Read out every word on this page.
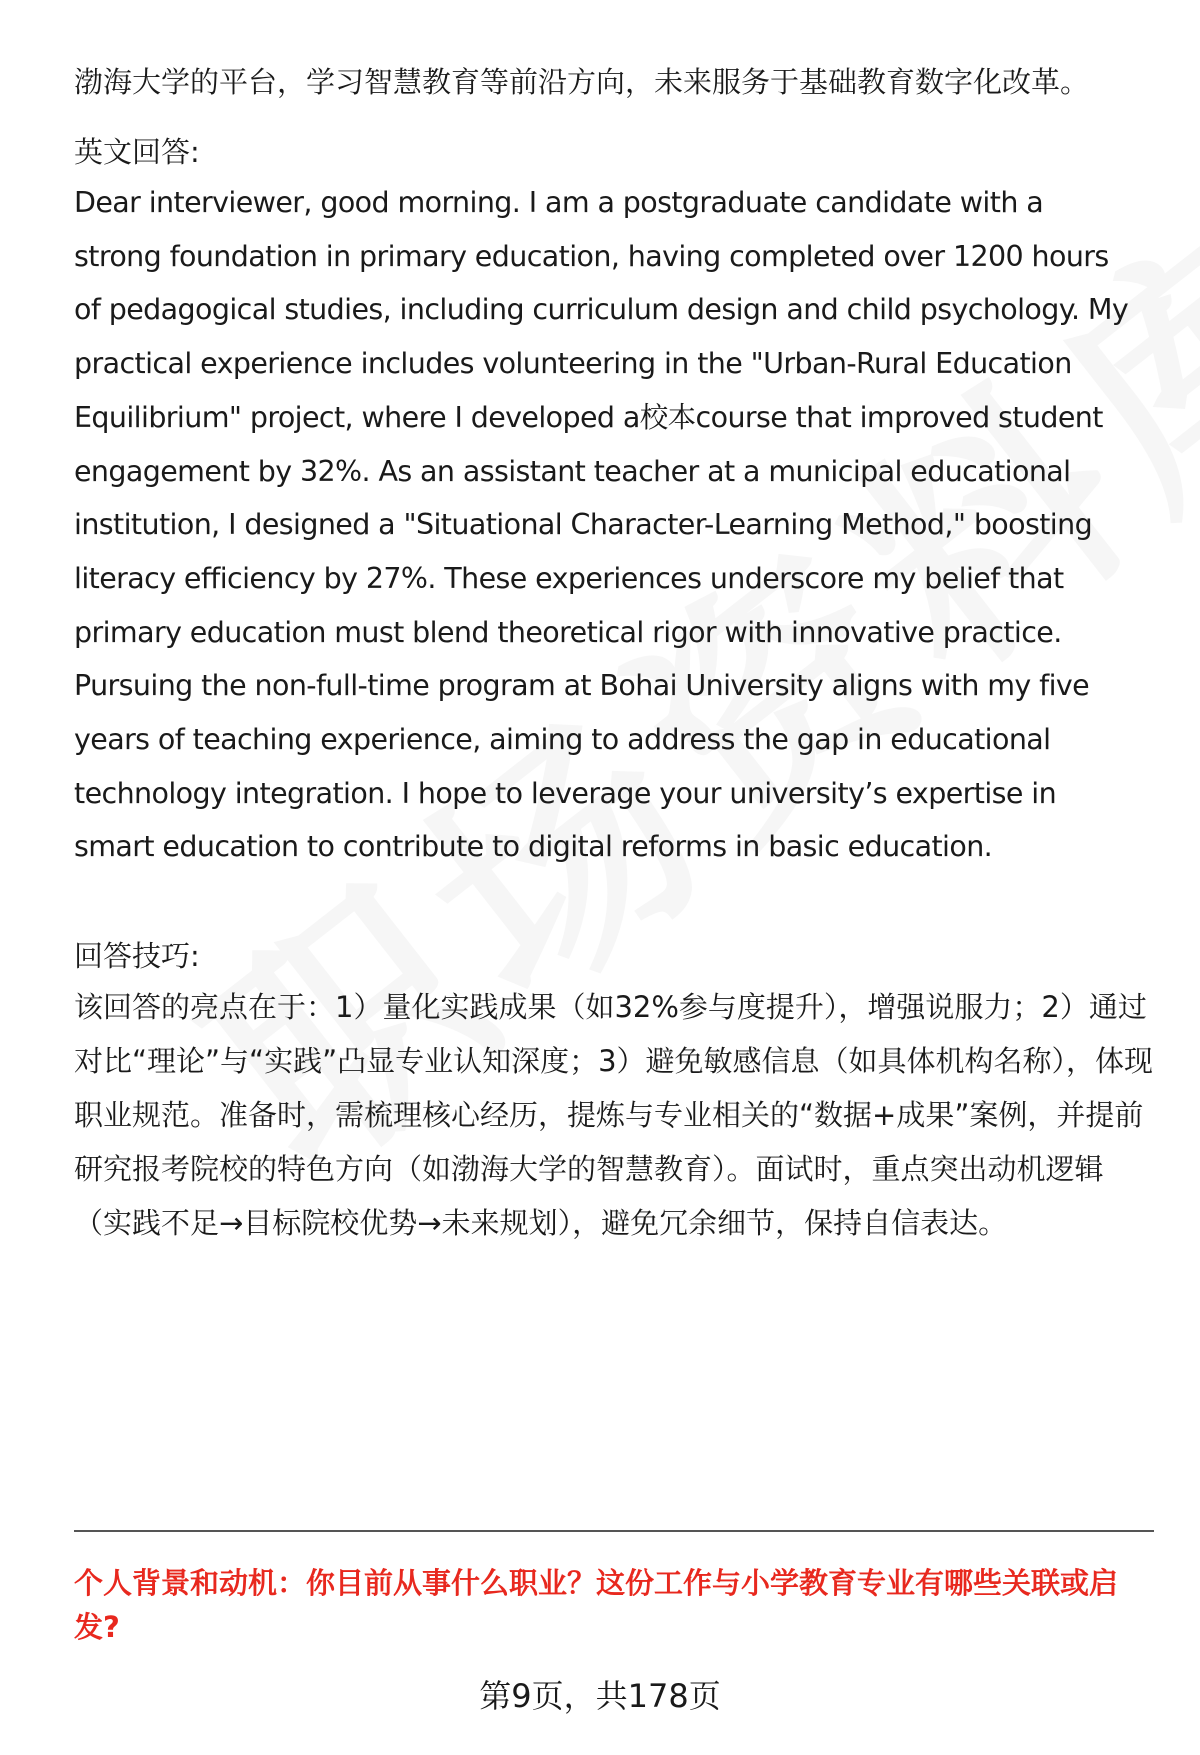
渤海大学的平台，学习智慧教育等前沿方向，未来服务于基础教育数字化改革。

英文回答:

Dear interviewer, good morning. I am a postgraduate candidate with a strong foundation in primary education, having completed over 1200 hours of pedagogical studies, including curriculum design and child psychology. My practical experience includes volunteering in the "Urban-Rural Education Equilibrium" project, where I developed a校本course that improved student engagement by 32%. As an assistant teacher at a municipal educational institution, I designed a "Situational Character-Learning Method," boosting literacy efficiency by 27%. These experiences underscore my belief that primary education must blend theoretical rigor with innovative practice. Pursuing the non-full-time program at Bohai University aligns with my five years of teaching experience, aiming to address the gap in educational technology integration. I hope to leverage your university’s expertise in smart education to contribute to digital reforms in basic education.

回答技巧:

该回答的亮点在于：1）量化实践成果（如32%参与度提升），增强说服力；2）通过对比“理论”与“实践”凸显专业认知深度；3）避免敏感信息（如具体机构名称），体现职业规范。准备时，需梳理核心经历，提炼与专业相关的“数据+成果”案例，并提前研究报考院校的特色方向（如渤海大学的智慧教育）。面试时，重点突出动机逻辑（实践不足→目标院校优势→未来规划），避免冗余细节，保持自信表达。

个人背景和动机：你目前从事什么职业？这份工作与小学教育专业有哪些关联或启发?

第9页，共178页
